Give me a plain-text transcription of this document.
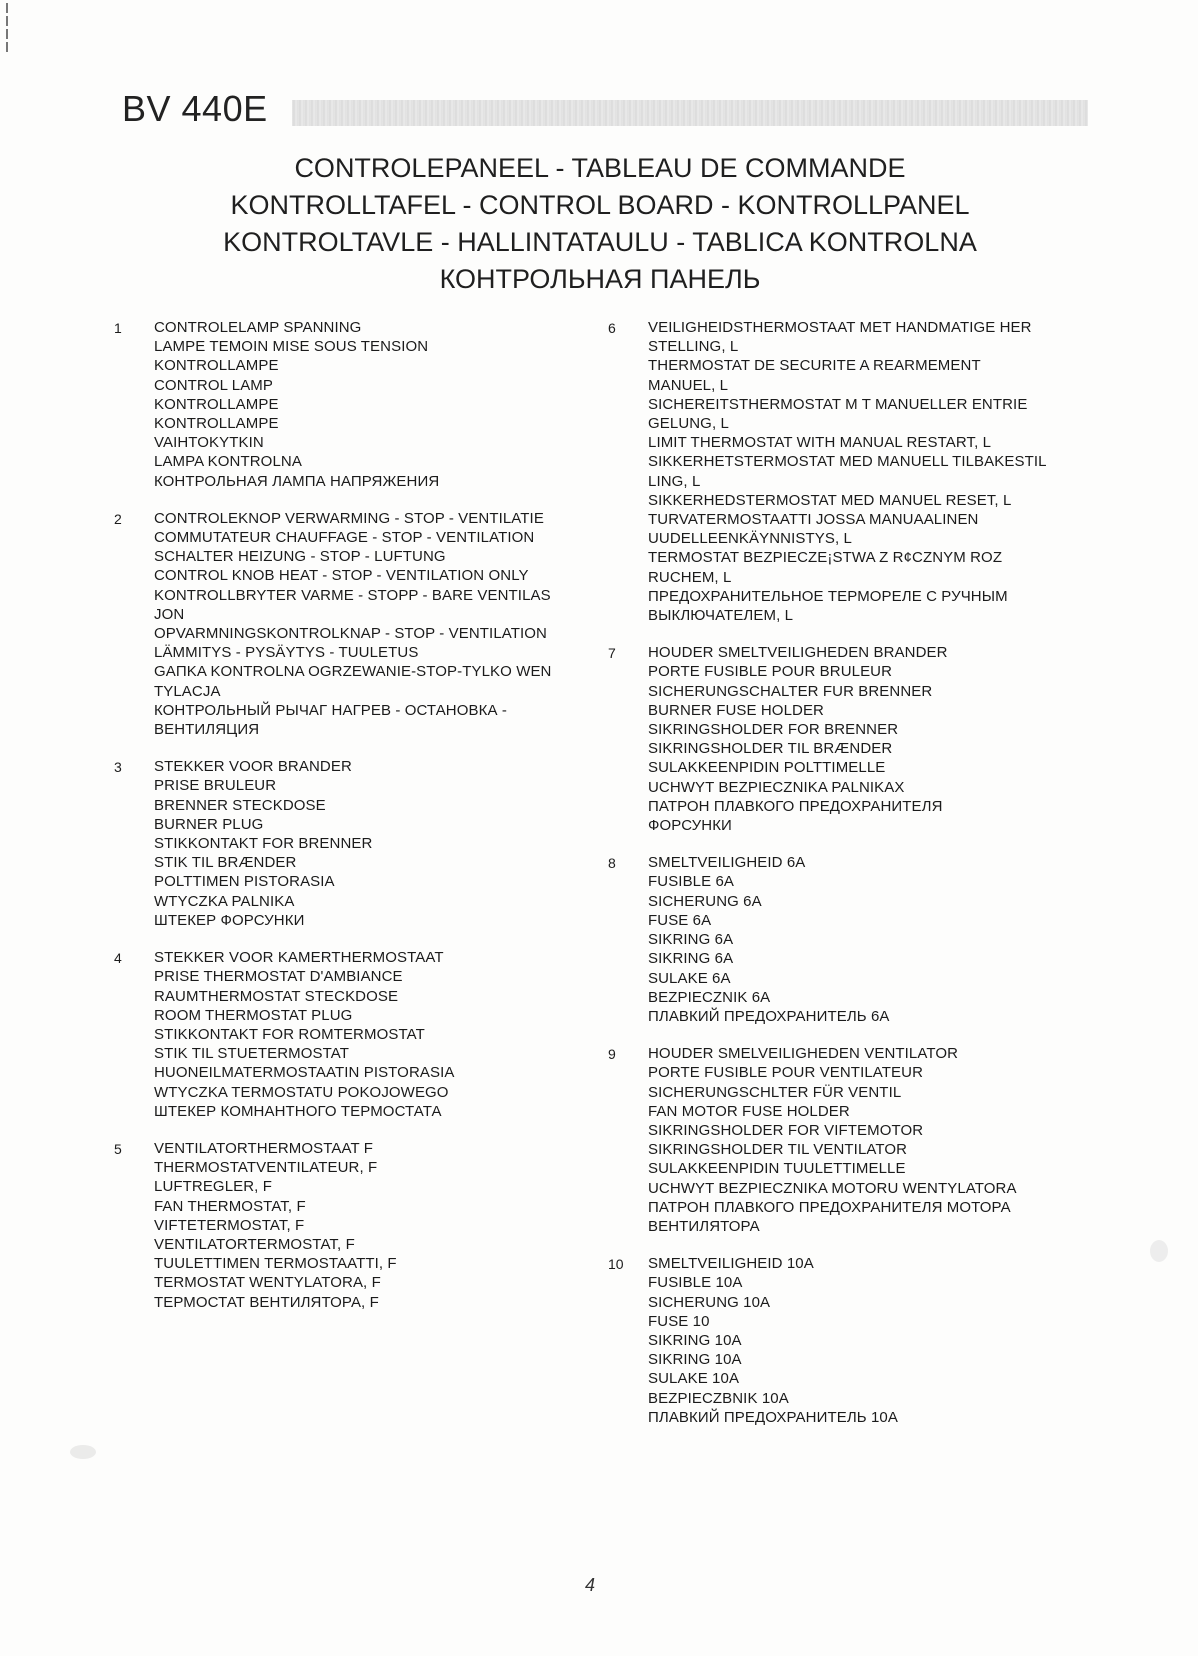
BV 440E
CONTROLEPANEEL - TABLEAU DE COMMANDE
KONTROLLTAFEL - CONTROL BOARD - KONTROLLPANEL
KONTROLTAVLE - HALLINTATAULU - TABLICA KONTROLNA
КОНТРОЛЬНАЯ ПАНЕЛЬ
1	CONTROLELAMP SPANNING
LAMPE TEMOIN MISE SOUS TENSION
KONTROLLAMPE
CONTROL LAMP
KONTROLLAMPE
KONTROLLAMPE
VAIHTOKYTKIN
LAMPA KONTROLNA
КОНТРОЛЬНАЯ ЛАМПА НАПРЯЖЕНИЯ
2	CONTROLEKNOP VERWARMING - STOP - VENTILATIE
COMMUTATEUR CHAUFFAGE - STOP - VENTILATION
SCHALTER HEIZUNG - STOP - LUFTUNG
CONTROL KNOB HEAT - STOP - VENTILATION ONLY
KONTROLLBRYTER VARME - STOPP - BARE VENTILAS
JON
OPVARMNINGSKONTROLKNAP - STOP - VENTILATION
LÄMMITYS - PYSÄYTYS - TUULETUS
GAΠKA KONTROLNA OGRZEWANIE-STOP-TYLKO WEN
TYLACJA
КОНТРОЛЬНЫЙ РЫЧАГ НАГРЕВ - ОСТАНОВКА -
ВЕНТИЛЯЦИЯ
3	STEKKER VOOR BRANDER
PRISE BRULEUR
BRENNER STECKDOSE
BURNER PLUG
STIKKONTAKT FOR BRENNER
STIK TIL BRÆNDER
POLTTIMEN PISTORASIA
WTYCZKA PALNIKA
ШТЕКЕР ФОРСУНКИ
4	STEKKER VOOR KAMERTHERMOSTAAT
PRISE THERMOSTAT D'AMBIANCE
RAUMTHERMOSTAT STECKDOSE
ROOM THERMOSTAT PLUG
STIKKONTAKT FOR ROMTERMOSTAT
STIK TIL STUETERMOSTAT
HUONEILMATERMOSTAATIN PISTORASIA
WTYCZKA TERMOSTATU POKOJOWEGO
ШТЕКЕР КОМНАНТНОГО ТЕРМОСТАТА
5	VENTILATORTHERMOSTAAT F
THERMOSTATVENTILATEUR, F
LUFTREGLER, F
FAN THERMOSTAT, F
VIFTETERMOSTAT, F
VENTILATORTERMOSTAT, F
TUULETTIMEN TERMOSTAATTI, F
TERMOSTAT WENTYLATORA, F
ТЕРМОСТАТ ВЕНТИЛЯТОРА, F
6	VEILIGHEIDSTHERMOSTAAT MET HANDMATIGE HER
STELLING, L
THERMOSTAT DE SECURITE A REARMEMENT
MANUEL, L
SICHEREITSTHERMOSTAT M T MANUELLER ENTRIE
GELUNG, L
LIMIT THERMOSTAT WITH MANUAL RESTART, L
SIKKERHETSTERMOSTAT MED MANUELL TILBAKESTIL
LING, L
SIKKERHEDSTERMOSTAT MED MANUEL RESET, L
TURVATERMOSTAATTI JOSSA MANUAALINEN
UUDELLEENKÄYNNISTYS, L
TERMOSTAT BEZPIECZE¡STWA Z R¢CZNYM ROZ
RUCHEM, L
ПРЕДОХРАНИТЕЛЬНОЕ ТЕРМОРЕЛЕ С РУЧНЫМ
ВЫКЛЮЧАТЕЛЕМ, L
7	HOUDER SMELTVEILIGHEDEN BRANDER
PORTE FUSIBLE POUR BRULEUR
SICHERUNGSCHALTER FUR BRENNER
BURNER FUSE HOLDER
SIKRINGSHOLDER FOR BRENNER
SIKRINGSHOLDER TIL BRÆNDER
SULAKKEENPIDIN POLTTIMELLE
UCHWYT BEZPIECZNIKA PALNIKAX
ПАТРОН ПЛАВКОГО ПРЕДОХРАНИТЕЛЯ
ФОРСУНКИ
8	SMELTVEILIGHEID 6A
FUSIBLE 6A
SICHERUNG 6A
FUSE 6A
SIKRING 6A
SIKRING 6A
SULAKE 6A
BEZPIECZNIK 6A
ПЛАВКИЙ ПРЕДОХРАНИТЕЛЬ 6A
9	HOUDER SMELVEILIGHEDEN VENTILATOR
PORTE FUSIBLE POUR VENTILATEUR
SICHERUNGSCHLTER FÜR VENTIL
FAN MOTOR FUSE HOLDER
SIKRINGSHOLDER FOR VIFTEMOTOR
SIKRINGSHOLDER TIL VENTILATOR
SULAKKEENPIDIN TUULETTIMELLE
UCHWYT BEZPIECZNIKA MOTORU WENTYLATORA
ПАТРОН ПЛАВКОГО ПРЕДОХРАНИТЕЛЯ МОТОРА
ВЕНТИЛЯТОРА
10	SMELTVEILIGHEID 10A
FUSIBLE 10A
SICHERUNG 10A
FUSE 10
SIKRING 10A
SIKRING 10A
SULAKE 10A
BEZPIECZBNIK 10A
ПЛАВКИЙ ПРЕДОХРАНИТЕЛЬ 10A
4
